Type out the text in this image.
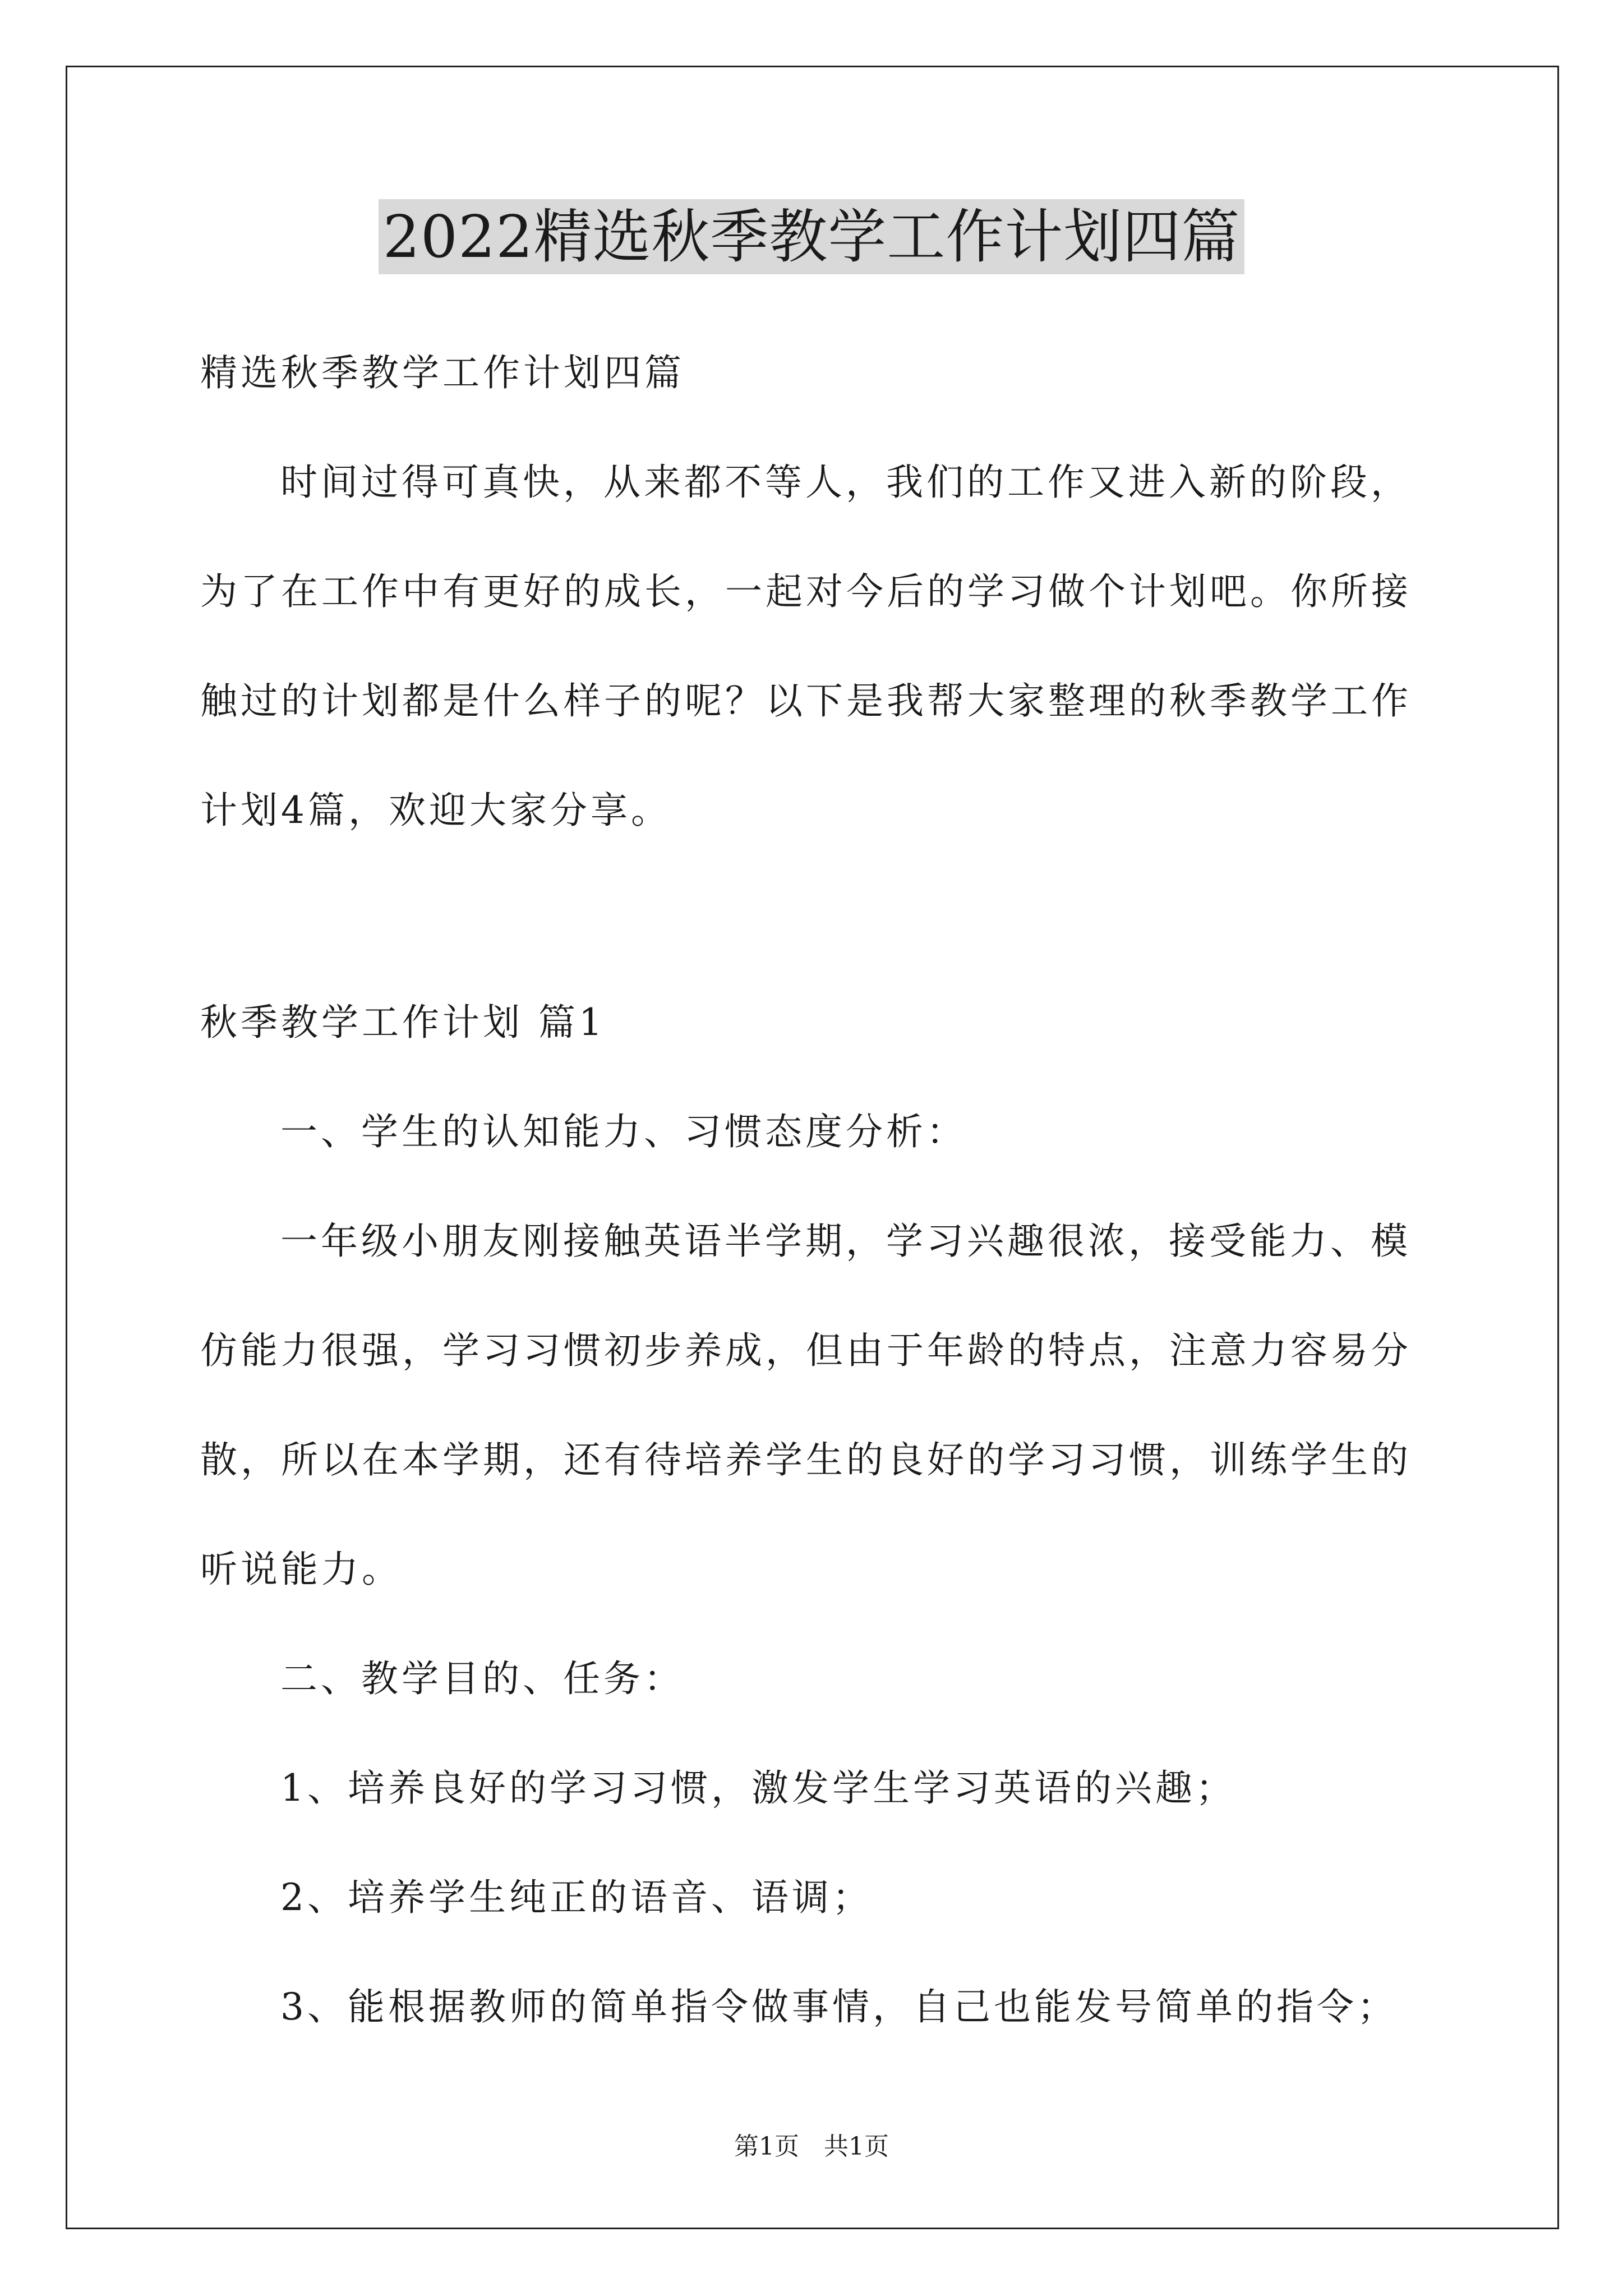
2022精选秋季教学工作计划四篇
精选秋季教学工作计划四篇
时间过得可真快，从来都不等人，我们的工作又进入新的阶段，
为了在工作中有更好的成长，一起对今后的学习做个计划吧。你所接
触过的计划都是什么样子的呢？以下是我帮大家整理的秋季教学工作
计划4篇，欢迎大家分享。
秋季教学工作计划 篇1
一、学生的认知能力、习惯态度分析：
一年级小朋友刚接触英语半学期，学习兴趣很浓，接受能力、模
仿能力很强，学习习惯初步养成，但由于年龄的特点，注意力容易分
散，所以在本学期，还有待培养学生的良好的学习习惯，训练学生的
听说能力。
二、教学目的、任务：
1、培养良好的学习习惯，激发学生学习英语的兴趣；
2、培养学生纯正的语音、语调；
3、能根据教师的简单指令做事情，自己也能发号简单的指令；
第1页　共1页
